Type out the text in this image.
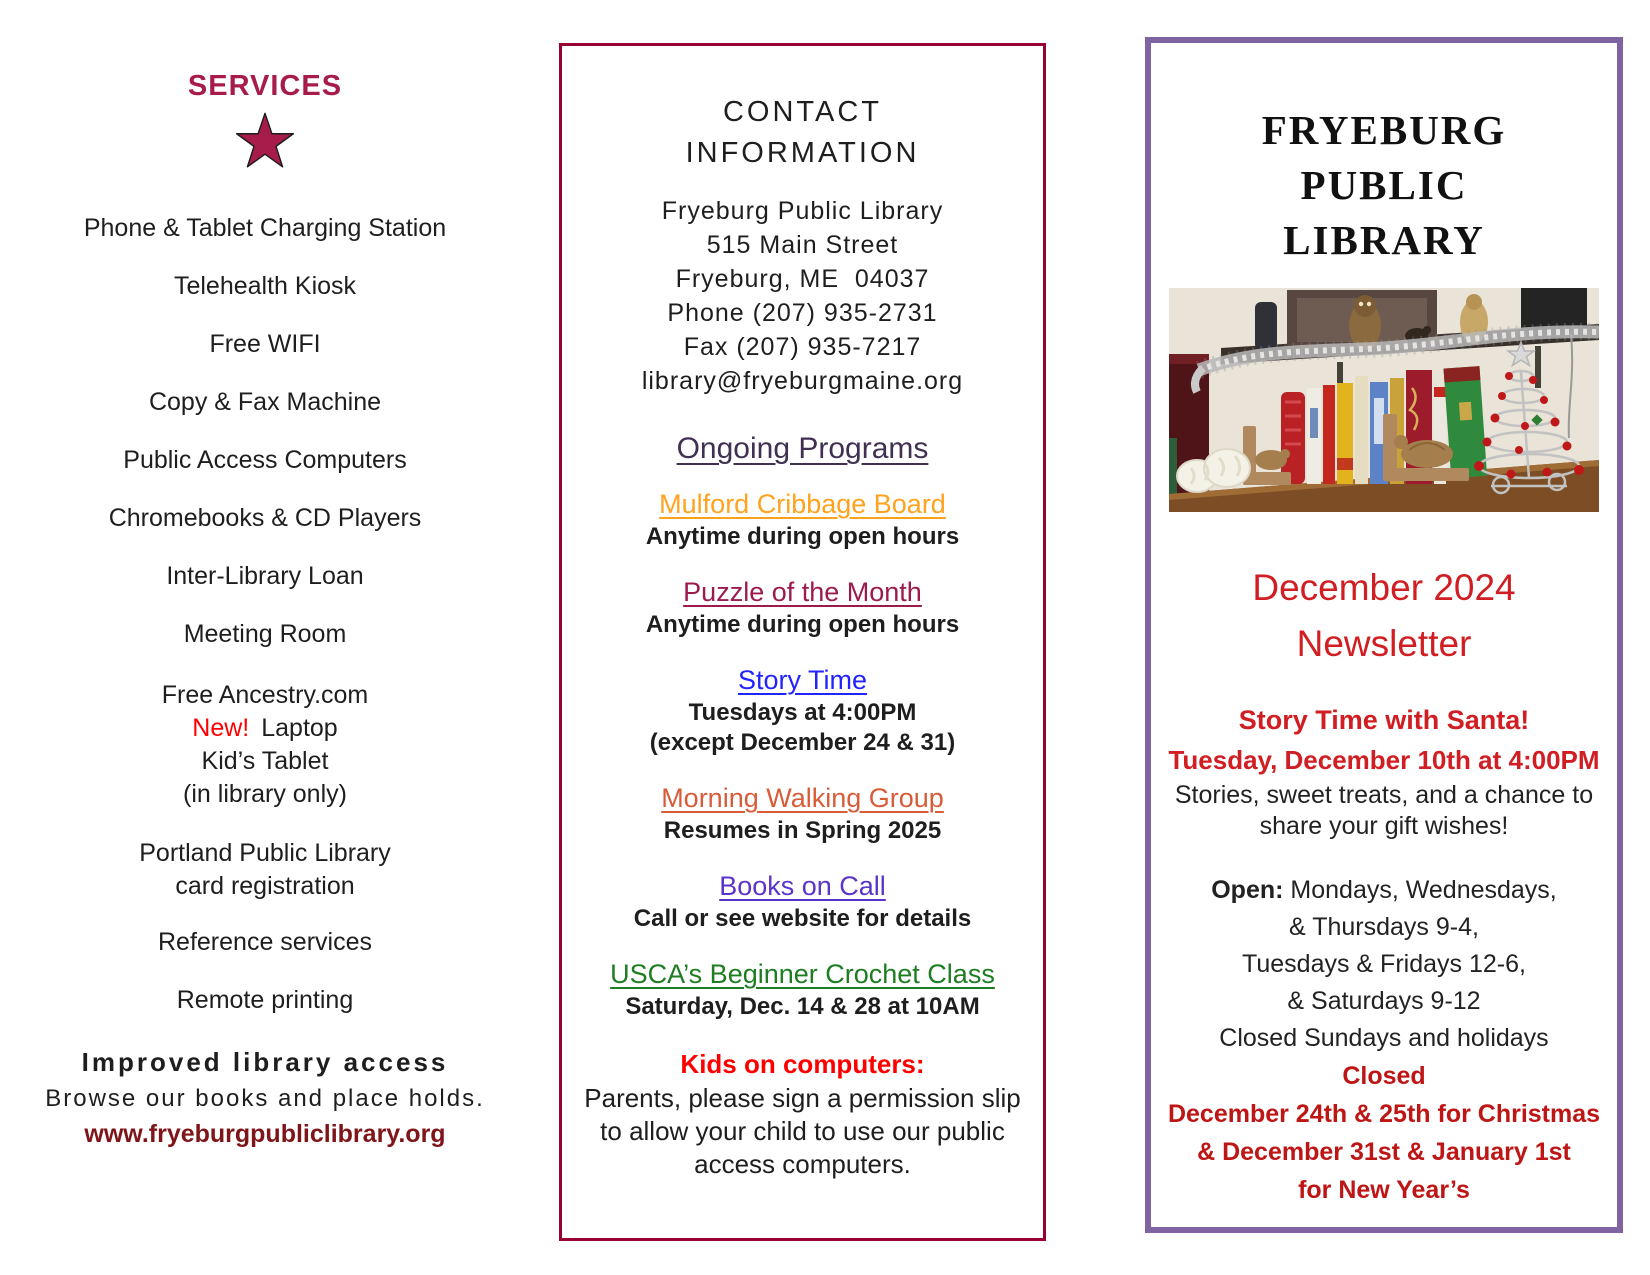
SERVICES

Phone & Tablet Charging Station

Telehealth Kiosk

Free WIFI

Copy & Fax Machine

Public Access Computers

Chromebooks & CD Players

Inter-Library Loan

Meeting Room

Free Ancestry.com
New! Laptop
Kid’s Tablet
(in library only)
Portland Public Library
card registration

Reference services

Remote printing

Improved library access
Browse our books and place holds.
www.fryeburgpubliclibrary.org
CONTACT
INFORMATION
Fryeburg Public Library
515 Main Street
Fryeburg, ME  04037
Phone (207) 935-2731
Fax (207) 935-7217
library@fryeburgmaine.org
Ongoing Programs
Mulford Cribbage Board
Anytime during open hours
Puzzle of the Month
Anytime during open hours
Story Time
Tuesdays at 4:00PM
(except December 24 & 31)
Morning Walking Group
Resumes in Spring 2025
Books on Call
Call or see website for details
USCA’s Beginner Crochet Class
Saturday, Dec. 14 & 28 at 10AM
Kids on computers:
Parents, please sign a permission slip
to allow your child to use our public
access computers.
FRYEBURG
PUBLIC
LIBRARY
December 2024
Newsletter
Story Time with Santa!
Tuesday, December 10th at 4:00PM
Stories, sweet treats, and a chance to
share your gift wishes!
Open: Mondays, Wednesdays,
& Thursdays 9-4,
Tuesdays & Fridays 12-6,
& Saturdays 9-12
Closed Sundays and holidays
Closed
December 24th & 25th for Christmas
& December 31st & January 1st
for New Year’s
